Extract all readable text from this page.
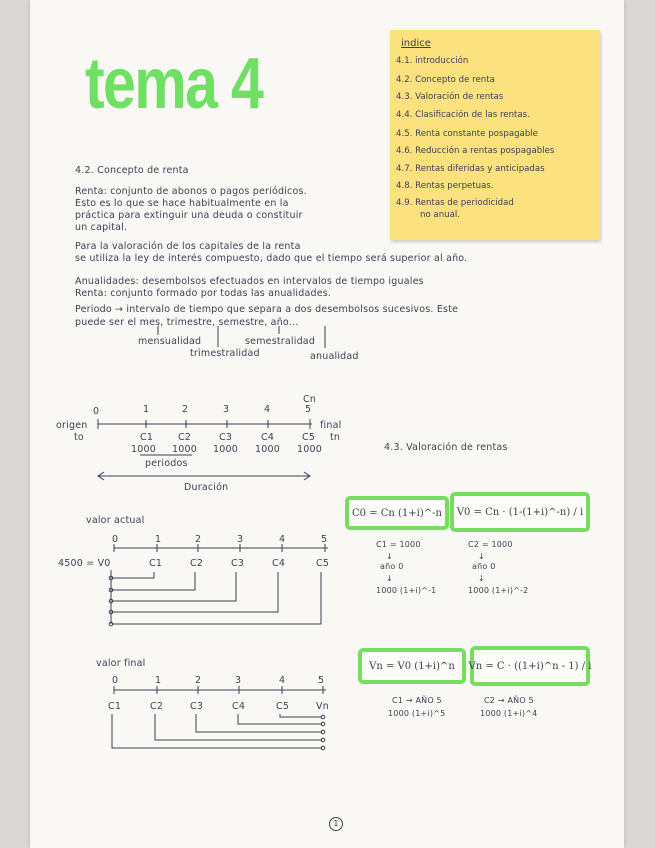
tema 4
indice
4.1. introducción
4.2. Concepto de renta
4.3. Valoración de rentas
4.4. Clasificación de las rentas.
4.5. Renta constante pospagable
4.6. Reducción a rentas pospagables
4.7. Rentas diferidas y anticipadas
4.8. Rentas perpetuas.
4.9. Rentas de periodicidad
no anual.
4.2. Concepto de renta
Renta: conjunto de abonos o pagos periódicos.
Esto es lo que se hace habitualmente en la
práctica para extinguir una deuda o constituir
un capital.
Para la valoración de los capitales de la renta
se utiliza la ley de interés compuesto, dado que el tiempo será superior al año.
Anualidades: desembolsos efectuados en intervalos de tiempo iguales
Renta: conjunto formado por todas las anualidades.
Periodo → intervalo de tiempo que separa a dos desembolsos sucesivos. Este
puede ser el mes, trimestre, semestre, año...
mensualidad
trimestralidad
semestralidad
anualidad
0	1	2	3	4	5
Cn
origen
to
final
tn
C1	C2	C3	C4	C5
1000 1000 1000 1000 1000
periodos
Duración
4.3. Valoración de rentas
valor actual
0	1	2	3	4	5
4500 = V0	C1	C2	C3	C4	C5
C0 = Cn (1+i)^-n V0 = Cn · (1-(1+i)^-n) / i
C1 = 1000
↓
año 0
↓
1000 (1+i)^-1
C2 = 1000
↓
año 0
↓
1000 (1+i)^-2
valor final
0	1	2	3	4	5
C1	C2	C3	C4	C5	Vn
Vn = V0 (1+i)^n Vn = C · ((1+i)^n - 1) / i
C1 → AÑO 5
1000 (1+i)^5
C2 → AÑO 5
1000 (1+i)^4
1
